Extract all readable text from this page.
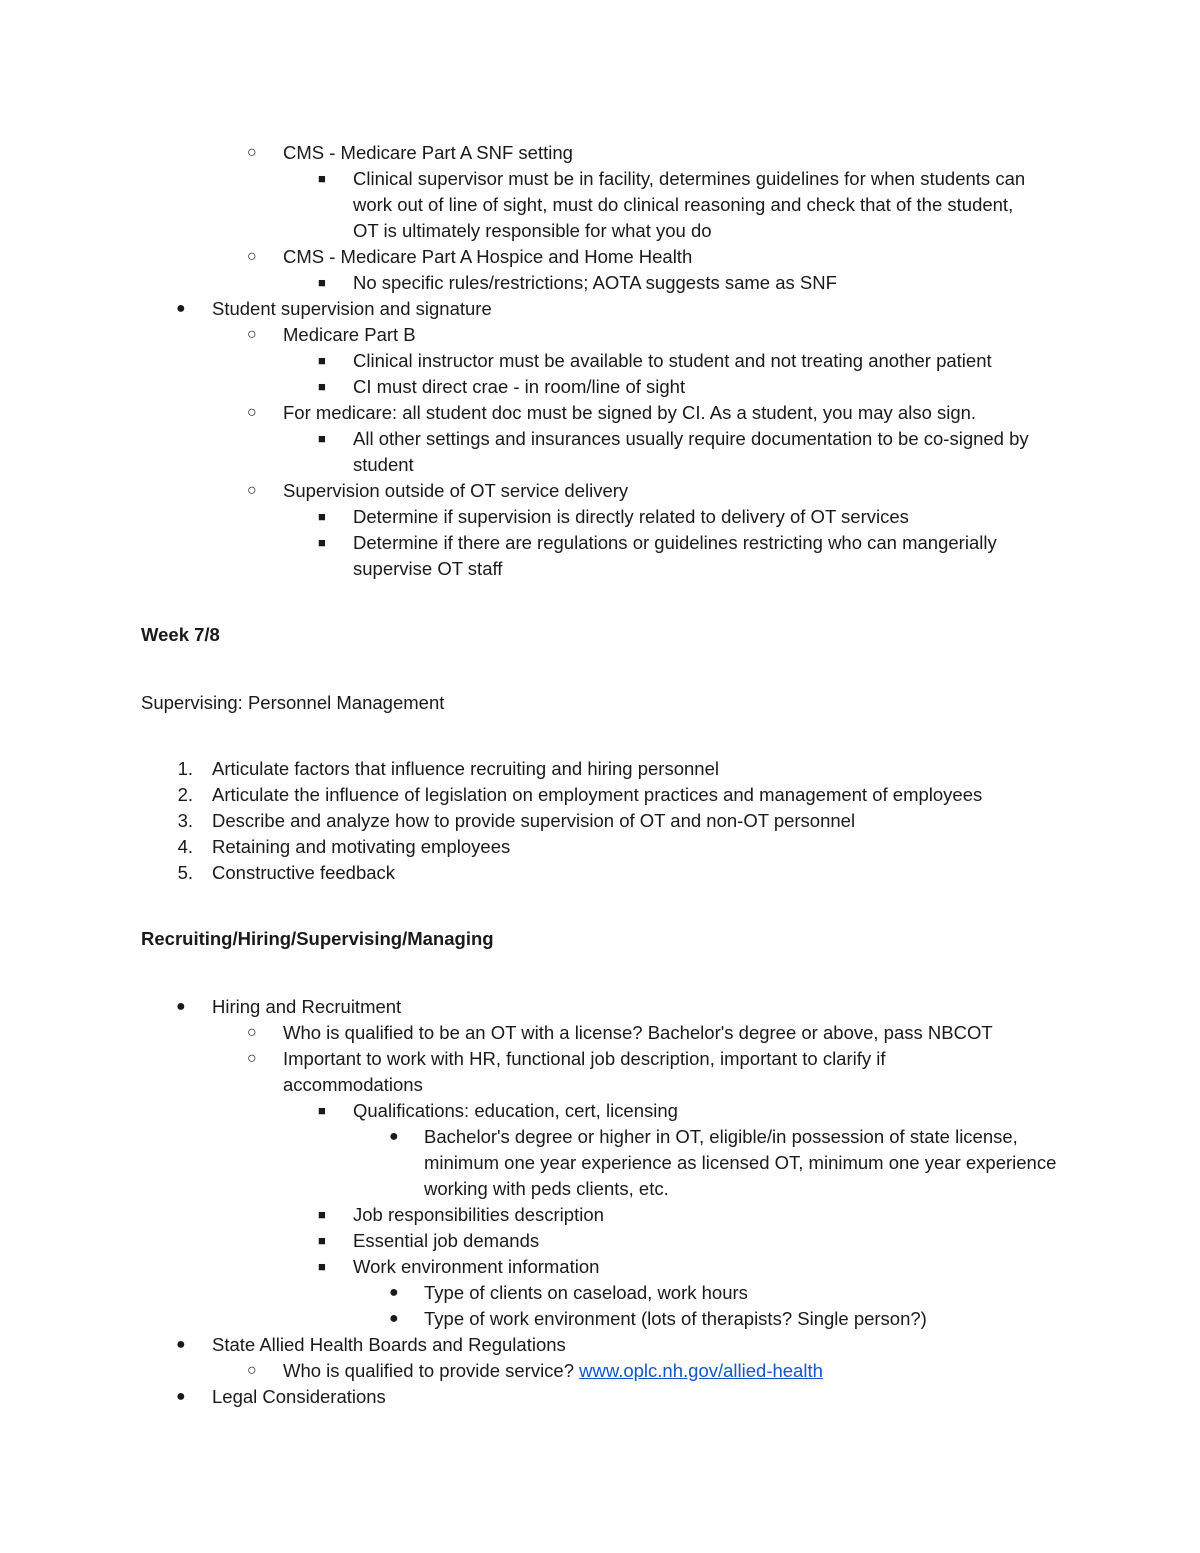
○ CMS - Medicare Part A SNF setting
■ Clinical supervisor must be in facility, determines guidelines for when students can work out of line of sight, must do clinical reasoning and check that of the student, OT is ultimately responsible for what you do
○ CMS - Medicare Part A Hospice and Home Health
■ No specific rules/restrictions; AOTA suggests same as SNF
● Student supervision and signature
○ Medicare Part B
■ Clinical instructor must be available to student and not treating another patient
■ CI must direct crae - in room/line of sight
○ For medicare: all student doc must be signed by CI. As a student, you may also sign.
■ All other settings and insurances usually require documentation to be co-signed by student
○ Supervision outside of OT service delivery
■ Determine if supervision is directly related to delivery of OT services
■ Determine if there are regulations or guidelines restricting who can mangerially supervise OT staff
Week 7/8
Supervising: Personnel Management
1. Articulate factors that influence recruiting and hiring personnel
2. Articulate the influence of legislation on employment practices and management of employees
3. Describe and analyze how to provide supervision of OT and non-OT personnel
4. Retaining and motivating employees
5. Constructive feedback
Recruiting/Hiring/Supervising/Managing
● Hiring and Recruitment
○ Who is qualified to be an OT with a license? Bachelor's degree or above, pass NBCOT
○ Important to work with HR, functional job description, important to clarify if accommodations
■ Qualifications: education, cert, licensing
● Bachelor's degree or higher in OT, eligible/in possession of state license, minimum one year experience as licensed OT, minimum one year experience working with peds clients, etc.
■ Job responsibilities description
■ Essential job demands
■ Work environment information
● Type of clients on caseload, work hours
● Type of work environment (lots of therapists? Single person?)
● State Allied Health Boards and Regulations
○ Who is qualified to provide service? www.oplc.nh.gov/allied-health
● Legal Considerations
